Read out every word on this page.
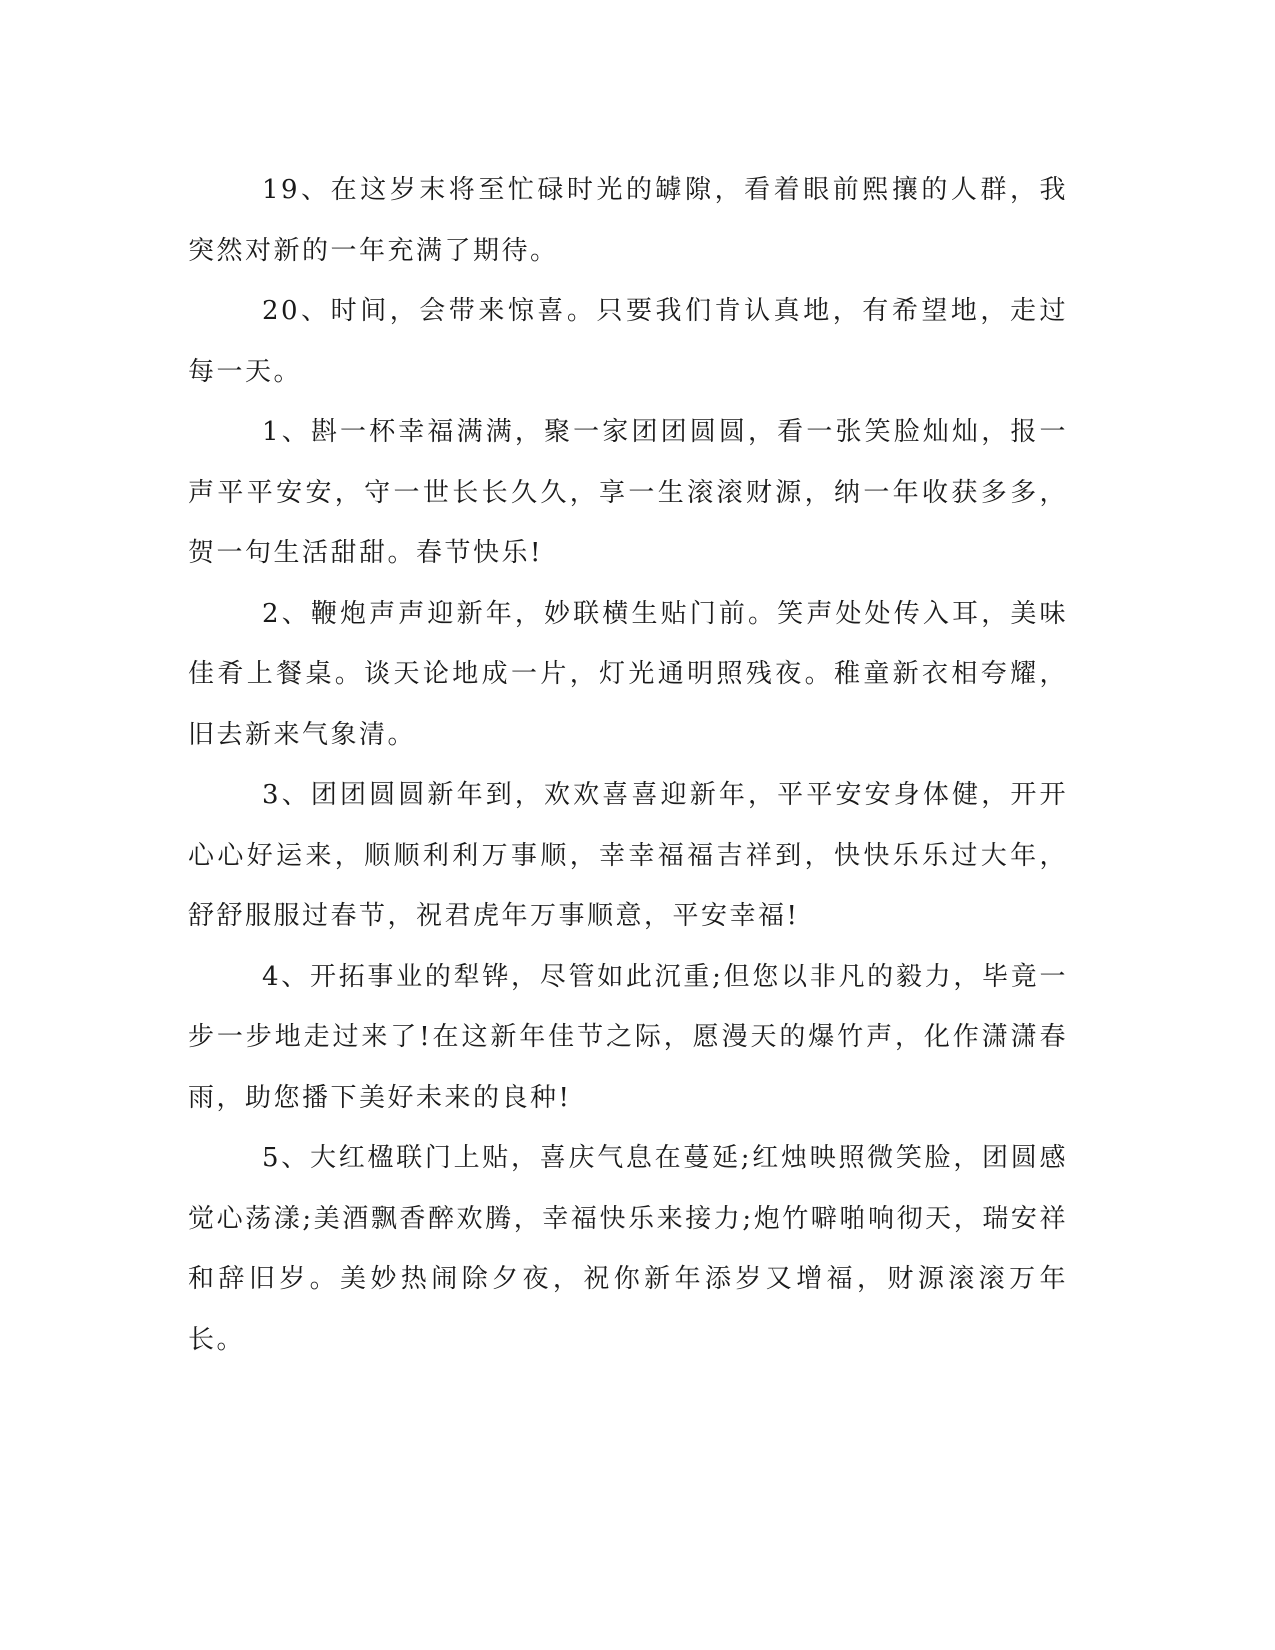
19、在这岁末将至忙碌时光的罅隙，看着眼前熙攘的人群，我突然对新的一年充满了期待。

20、时间，会带来惊喜。只要我们肯认真地，有希望地，走过每一天。

1、斟一杯幸福满满，聚一家团团圆圆，看一张笑脸灿灿，报一声平平安安，守一世长长久久，享一生滚滚财源，纳一年收获多多，贺一句生活甜甜。春节快乐!

2、鞭炮声声迎新年，妙联横生贴门前。笑声处处传入耳，美味佳肴上餐桌。谈天论地成一片，灯光通明照残夜。稚童新衣相夸耀，旧去新来气象清。

3、团团圆圆新年到，欢欢喜喜迎新年，平平安安身体健，开开心心好运来，顺顺利利万事顺，幸幸福福吉祥到，快快乐乐过大年，舒舒服服过春节，祝君虎年万事顺意，平安幸福!

4、开拓事业的犁铧，尽管如此沉重;但您以非凡的毅力，毕竟一步一步地走过来了!在这新年佳节之际，愿漫天的爆竹声，化作潇潇春雨，助您播下美好未来的良种!

5、大红楹联门上贴，喜庆气息在蔓延;红烛映照微笑脸，团圆感觉心荡漾;美酒飘香醉欢腾，幸福快乐来接力;炮竹噼啪响彻天，瑞安祥和辞旧岁。美妙热闹除夕夜，祝你新年添岁又增福，财源滚滚万年长。
